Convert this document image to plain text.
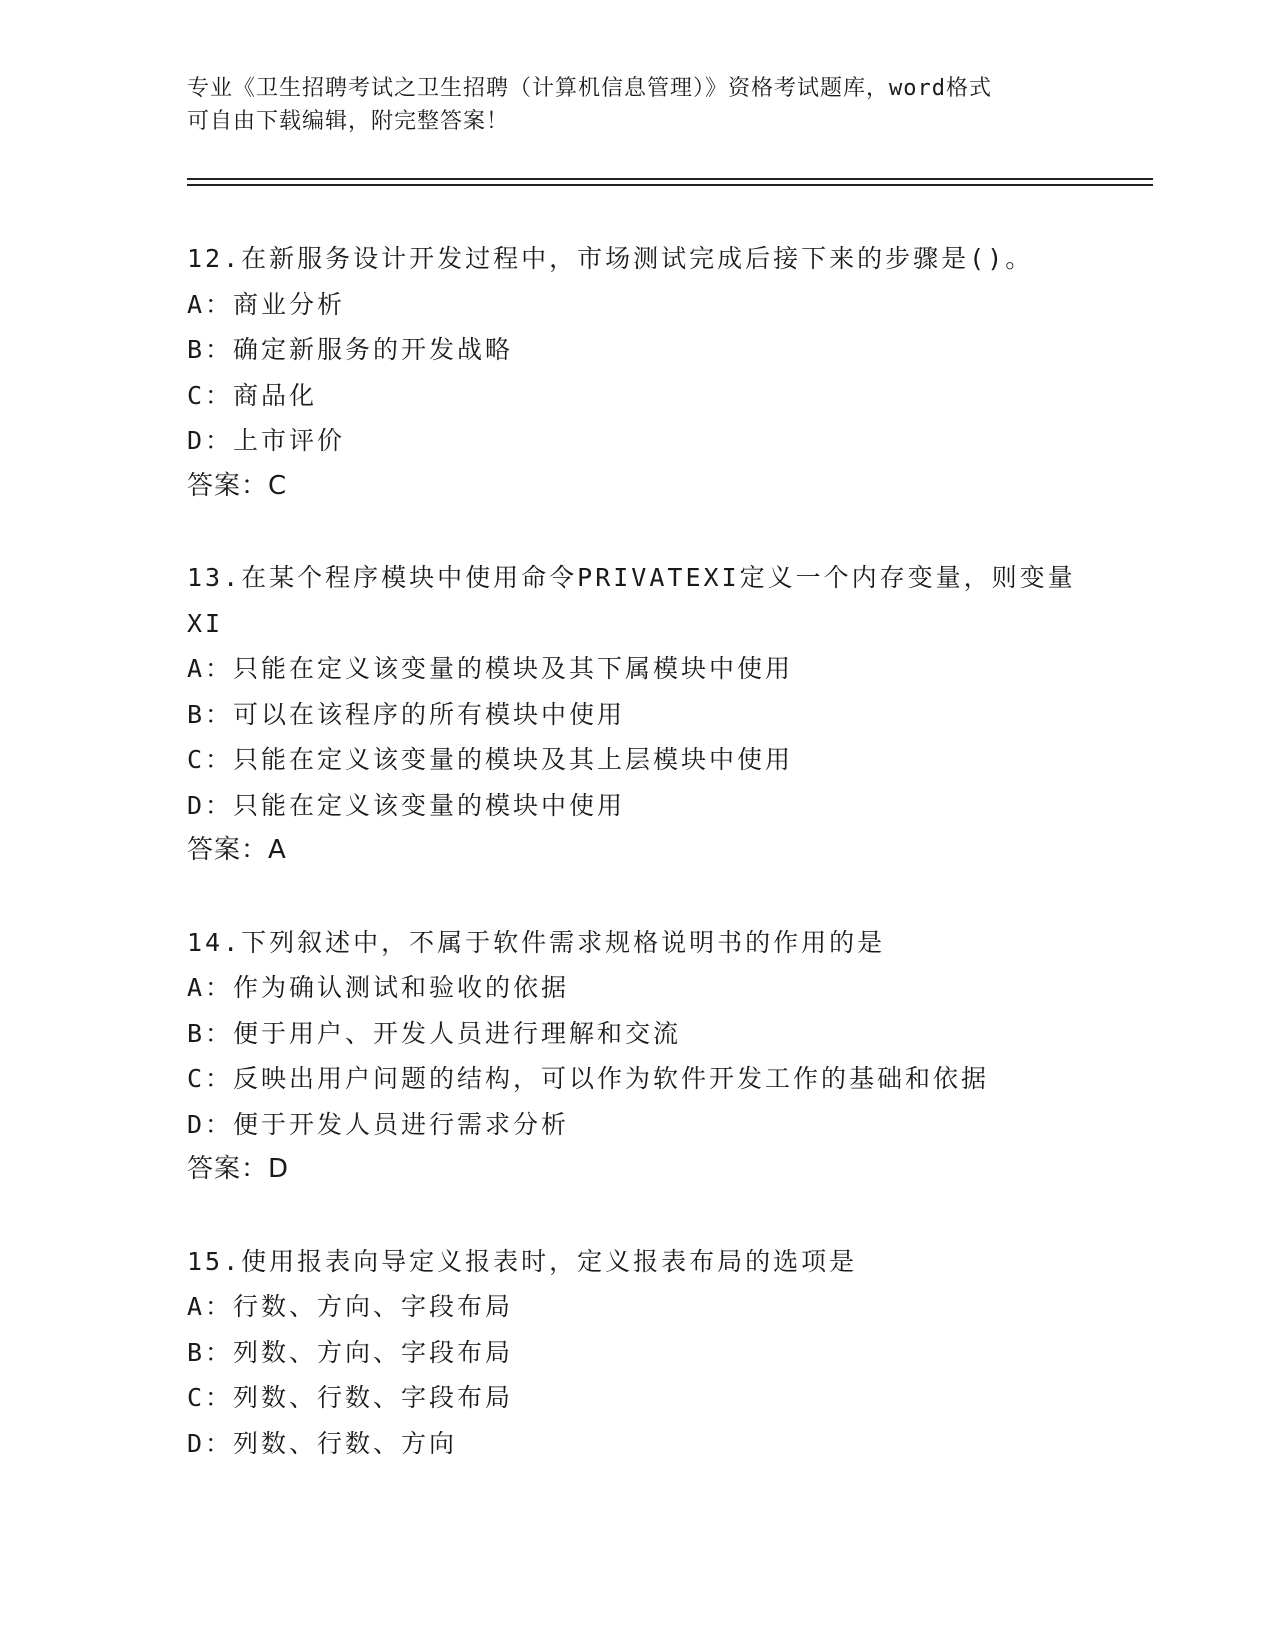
专业《卫生招聘考试之卫生招聘（计算机信息管理）》资格考试题库，word格式
可自由下载编辑，附完整答案！

12.在新服务设计开发过程中，市场测试完成后接下来的步骤是()。

A：商业分析

B：确定新服务的开发战略

C：商品化

D：上市评价

答案：C

13.在某个程序模块中使用命令PRIVATEXI定义一个内存变量，则变量

XI

A：只能在定义该变量的模块及其下属模块中使用

B：可以在该程序的所有模块中使用

C：只能在定义该变量的模块及其上层模块中使用

D：只能在定义该变量的模块中使用

答案：A

14.下列叙述中，不属于软件需求规格说明书的作用的是

A：作为确认测试和验收的依据

B：便于用户、开发人员进行理解和交流

C：反映出用户问题的结构，可以作为软件开发工作的基础和依据

D：便于开发人员进行需求分析

答案：D

15.使用报表向导定义报表时，定义报表布局的选项是

A：行数、方向、字段布局

B：列数、方向、字段布局

C：列数、行数、字段布局

D：列数、行数、方向
